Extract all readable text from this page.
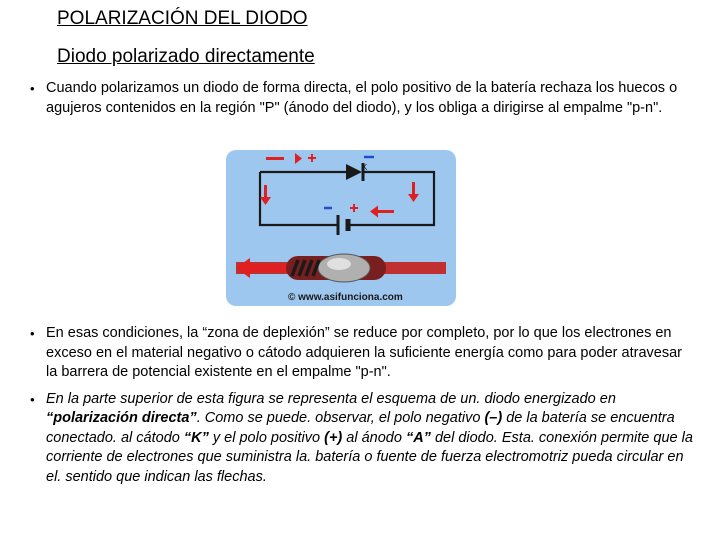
POLARIZACIÓN DEL DIODO
Diodo polarizado directamente
• Cuando polarizamos un diodo de forma directa, el polo positivo de la batería rechaza los huecos o agujeros contenidos en la región "P" (ánodo del diodo), y los obliga a dirigirse al empalme "p-n".
K
© www.asifunciona.com
• En esas condiciones, la “zona de deplexión” se reduce por completo, por lo que los electrones en exceso en el material negativo o cátodo adquieren la suficiente energía como para poder atravesar la barrera de potencial existente en el empalme "p-n".
• En la parte superior de esta figura se representa el esquema de un. diodo energizado en “polarización directa”. Como se puede. observar, el polo negativo (–) de la batería se encuentra conectado. al cátodo “K” y el polo positivo (+) al ánodo “A” del diodo. Esta. conexión permite que la corriente de electrones que suministra la. batería o fuente de fuerza electromotriz pueda circular en el. sentido que indican las flechas.
